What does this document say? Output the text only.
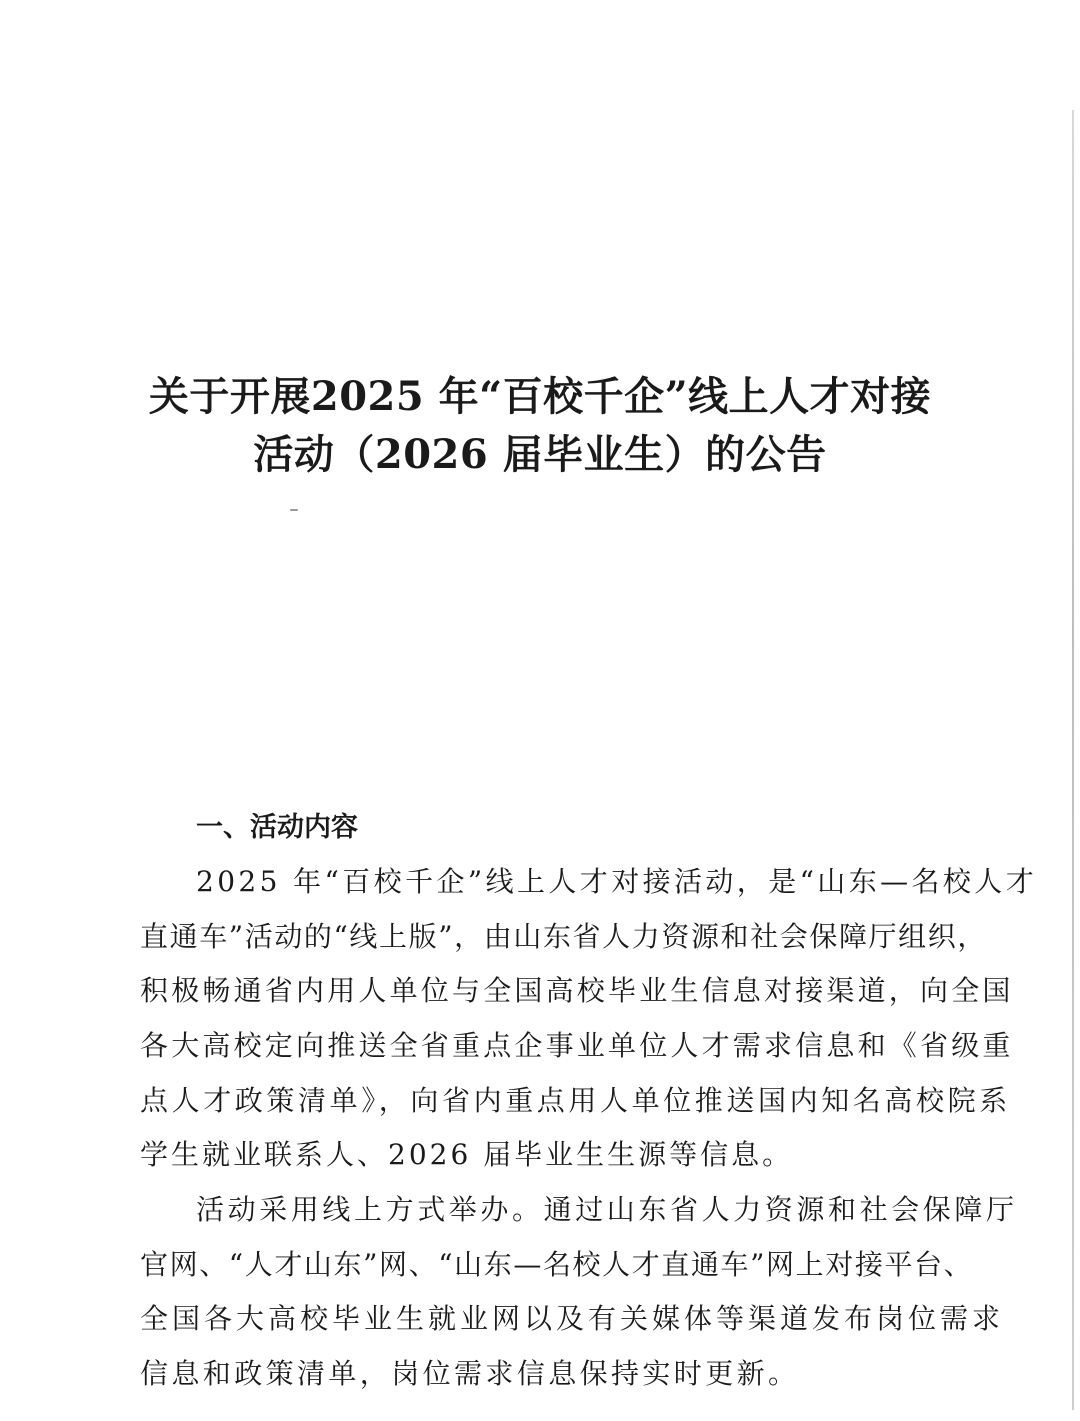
关于开展2025 年“百校千企”线上人才对接
活动（2026 届毕业生）的公告
一、活动内容
2025 年“百校千企”线上人才对接活动，是“山东—名校人才
直通车”活动的“线上版”，由山东省人力资源和社会保障厅组织，
积极畅通省内用人单位与全国高校毕业生信息对接渠道，向全国
各大高校定向推送全省重点企事业单位人才需求信息和《省级重
点人才政策清单》，向省内重点用人单位推送国内知名高校院系
学生就业联系人、2026 届毕业生生源等信息。
活动采用线上方式举办。通过山东省人力资源和社会保障厅
官网、“人才山东”网、“山东—名校人才直通车”网上对接平台、
全国各大高校毕业生就业网以及有关媒体等渠道发布岗位需求
信息和政策清单，岗位需求信息保持实时更新。
